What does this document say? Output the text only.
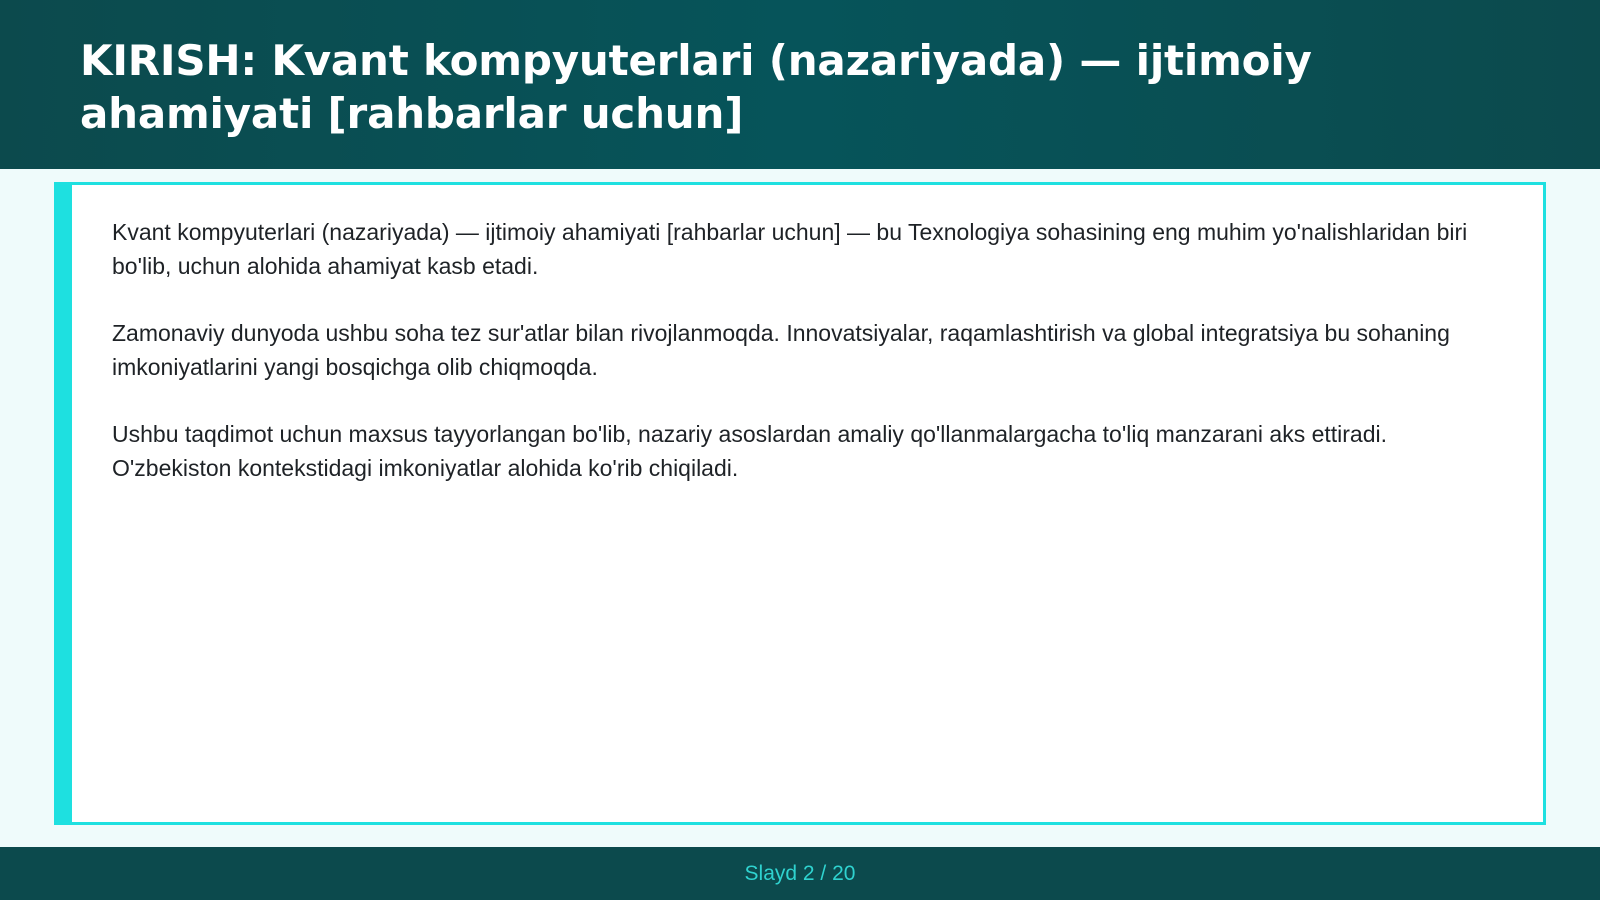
KIRISH: Kvant kompyuterlari (nazariyada) — ijtimoiy ahamiyati [rahbarlar uchun]

Kvant kompyuterlari (nazariyada) — ijtimoiy ahamiyati [rahbarlar uchun] — bu Texnologiya sohasining eng muhim yo'nalishlaridan biri bo'lib, uchun alohida ahamiyat kasb etadi.

Zamonaviy dunyoda ushbu soha tez sur'atlar bilan rivojlanmoqda. Innovatsiyalar, raqamlashtirish va global integratsiya bu sohaning imkoniyatlarini yangi bosqichga olib chiqmoqda.

Ushbu taqdimot uchun maxsus tayyorlangan bo'lib, nazariy asoslardan amaliy qo'llanmalargacha to'liq manzarani aks ettiradi. O'zbekiston kontekstidagi imkoniyatlar alohida ko'rib chiqiladi.

Slayd 2 / 20
